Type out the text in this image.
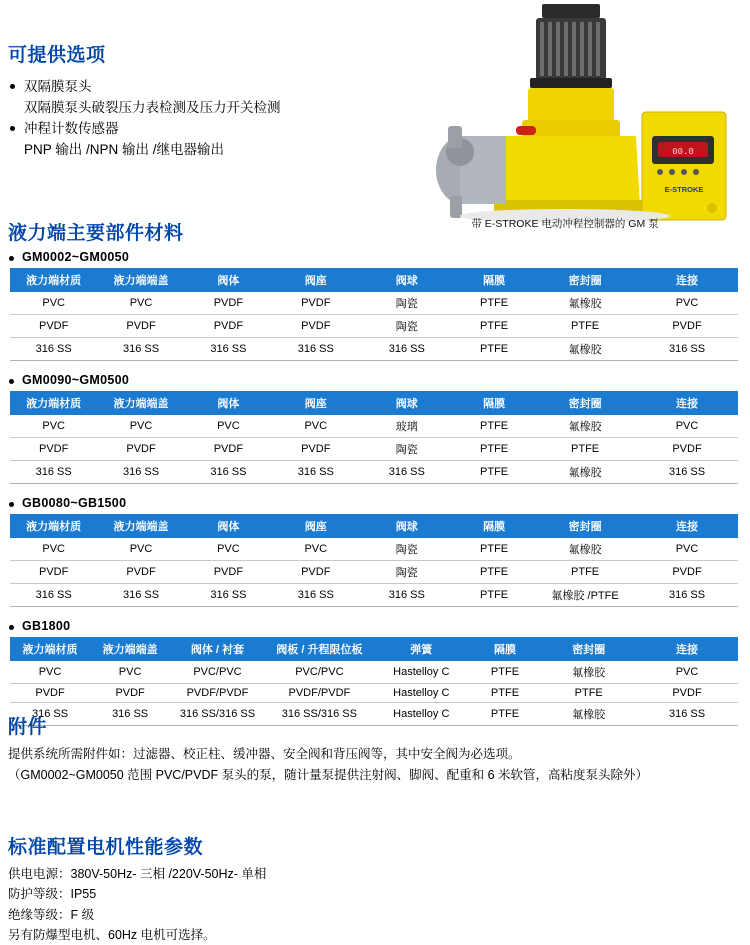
可提供选项
双隔膜泵头
双隔膜泵头破裂压力表检测及压力开关检测
冲程计数传感器
PNP 输出 /NPN 输出 /继电器输出	00.0
E-STROKE
带 E-STROKE 电动冲程控制器的 GM 泵
液力端主要部件材料
GM0002~GM0050
液力端材质	液力端端盖	阀体	阀座	阀球	隔膜	密封圈	连接
PVC	PVC	PVDF	PVDF	陶瓷	PTFE	氟橡胶	PVC
PVDF	PVDF	PVDF	PVDF	陶瓷	PTFE	PTFE	PVDF
316 SS	316 SS	316 SS	316 SS	316 SS	PTFE	氟橡胶	316 SS
GM0090~GM0500
液力端材质	液力端端盖	阀体	阀座	阀球	隔膜	密封圈	连接
PVC	PVC	PVC	PVC	玻璃	PTFE	氟橡胶	PVC
PVDF	PVDF	PVDF	PVDF	陶瓷	PTFE	PTFE	PVDF
316 SS	316 SS	316 SS	316 SS	316 SS	PTFE	氟橡胶	316 SS
GB0080~GB1500
液力端材质	液力端端盖	阀体	阀座	阀球	隔膜	密封圈	连接
PVC	PVC	PVC	PVC	陶瓷	PTFE	氟橡胶	PVC
PVDF	PVDF	PVDF	PVDF	陶瓷	PTFE	PTFE	PVDF
316 SS	316 SS	316 SS	316 SS	316 SS	PTFE	氟橡胶 /PTFE	316 SS
GB1800
液力端材质	液力端端盖	阀体 / 衬套	阀板 / 升程限位板	弹簧	隔膜	密封圈	连接
PVC	PVC	PVC/PVC	PVC/PVC	Hastelloy C	PTFE	氟橡胶	PVC
PVDF	PVDF	PVDF/PVDF	PVDF/PVDF	Hastelloy C	PTFE	PTFE	PVDF
316 SS	316 SS	316 SS/316 SS	316 SS/316 SS	Hastelloy C	PTFE	氟橡胶	316 SS
附件
提供系统所需附件如：过滤器、校正柱、缓冲器、安全阀和背压阀等，其中安全阀为必选项。
（GM0002~GM0050 范围 PVC/PVDF 泵头的泵，随计量泵提供注射阀、脚阀、配重和 6 米软管，高粘度泵头除外）
标准配置电机性能参数
供电电源：380V-50Hz- 三相 /220V-50Hz- 单相
防护等级：IP55
绝缘等级：F 级
另有防爆型电机、60Hz 电机可选择。
